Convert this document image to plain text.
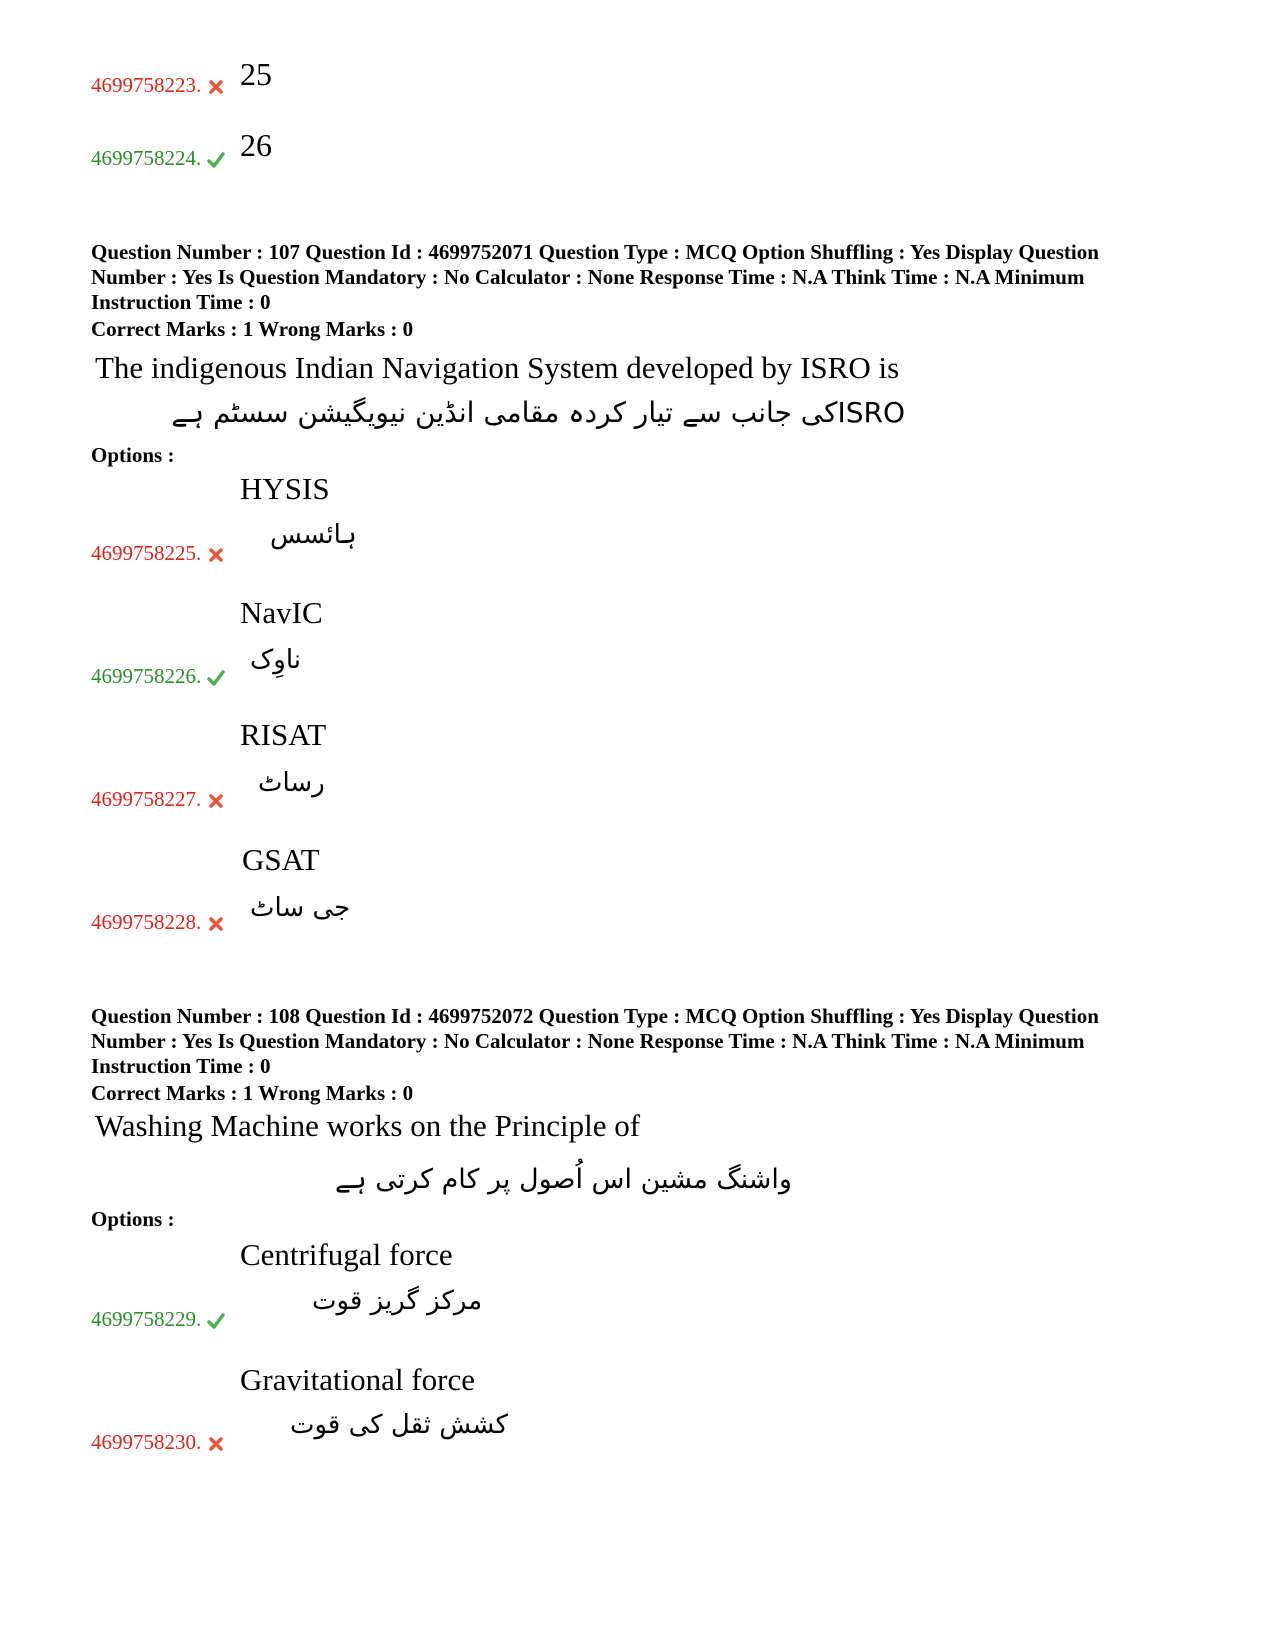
4699758223.	25
4699758224.	26
Question Number : 107 Question Id : 4699752071 Question Type : MCQ Option Shuffling : Yes Display Question
Number : Yes Is Question Mandatory : No Calculator : None Response Time : N.A Think Time : N.A Minimum
Instruction Time : 0
Correct Marks : 1 Wrong Marks : 0
The indigenous Indian Navigation System developed by ISRO is
ISROکی جانب سے تیار کردہ مقامی انڈین نیویگیشن سسٹم ہے
Options :
HYSIS
ہائسس
4699758225.
NavIC
ناوِک
4699758226.
RISAT
رساٹ
4699758227.
GSAT
جی ساٹ
4699758228.
Question Number : 108 Question Id : 4699752072 Question Type : MCQ Option Shuffling : Yes Display Question
Number : Yes Is Question Mandatory : No Calculator : None Response Time : N.A Think Time : N.A Minimum
Instruction Time : 0
Correct Marks : 1 Wrong Marks : 0
Washing Machine works on the Principle of
واشنگ مشین اس اُصول پر کام کرتی ہے
Options :
Centrifugal force
مرکز گریز قوت
4699758229.
Gravitational force
کشش ثقل کی قوت
4699758230.
